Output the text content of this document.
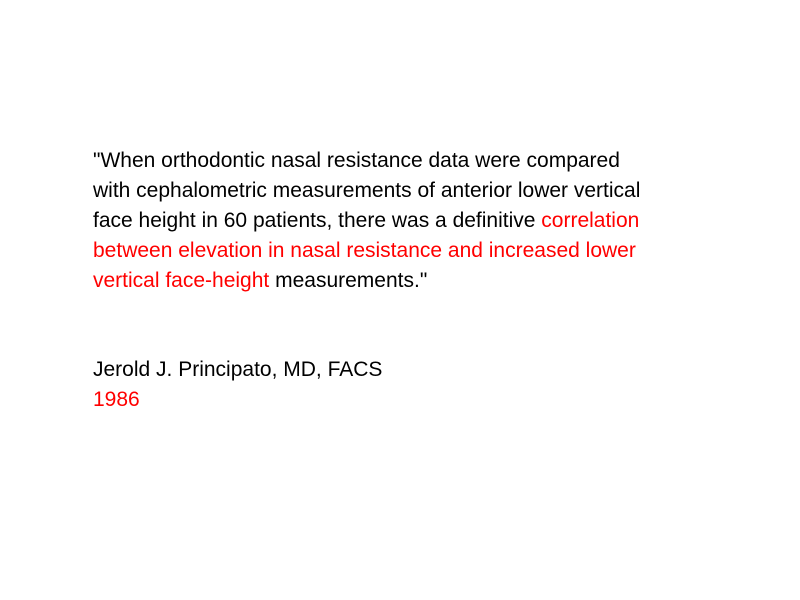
"When orthodontic nasal resistance data were compared
with cephalometric measurements of anterior lower vertical
face height in 60 patients, there was a definitive correlation
between elevation in nasal resistance and increased lower
vertical face-height measurements."
Jerold J. Principato, MD, FACS
1986
